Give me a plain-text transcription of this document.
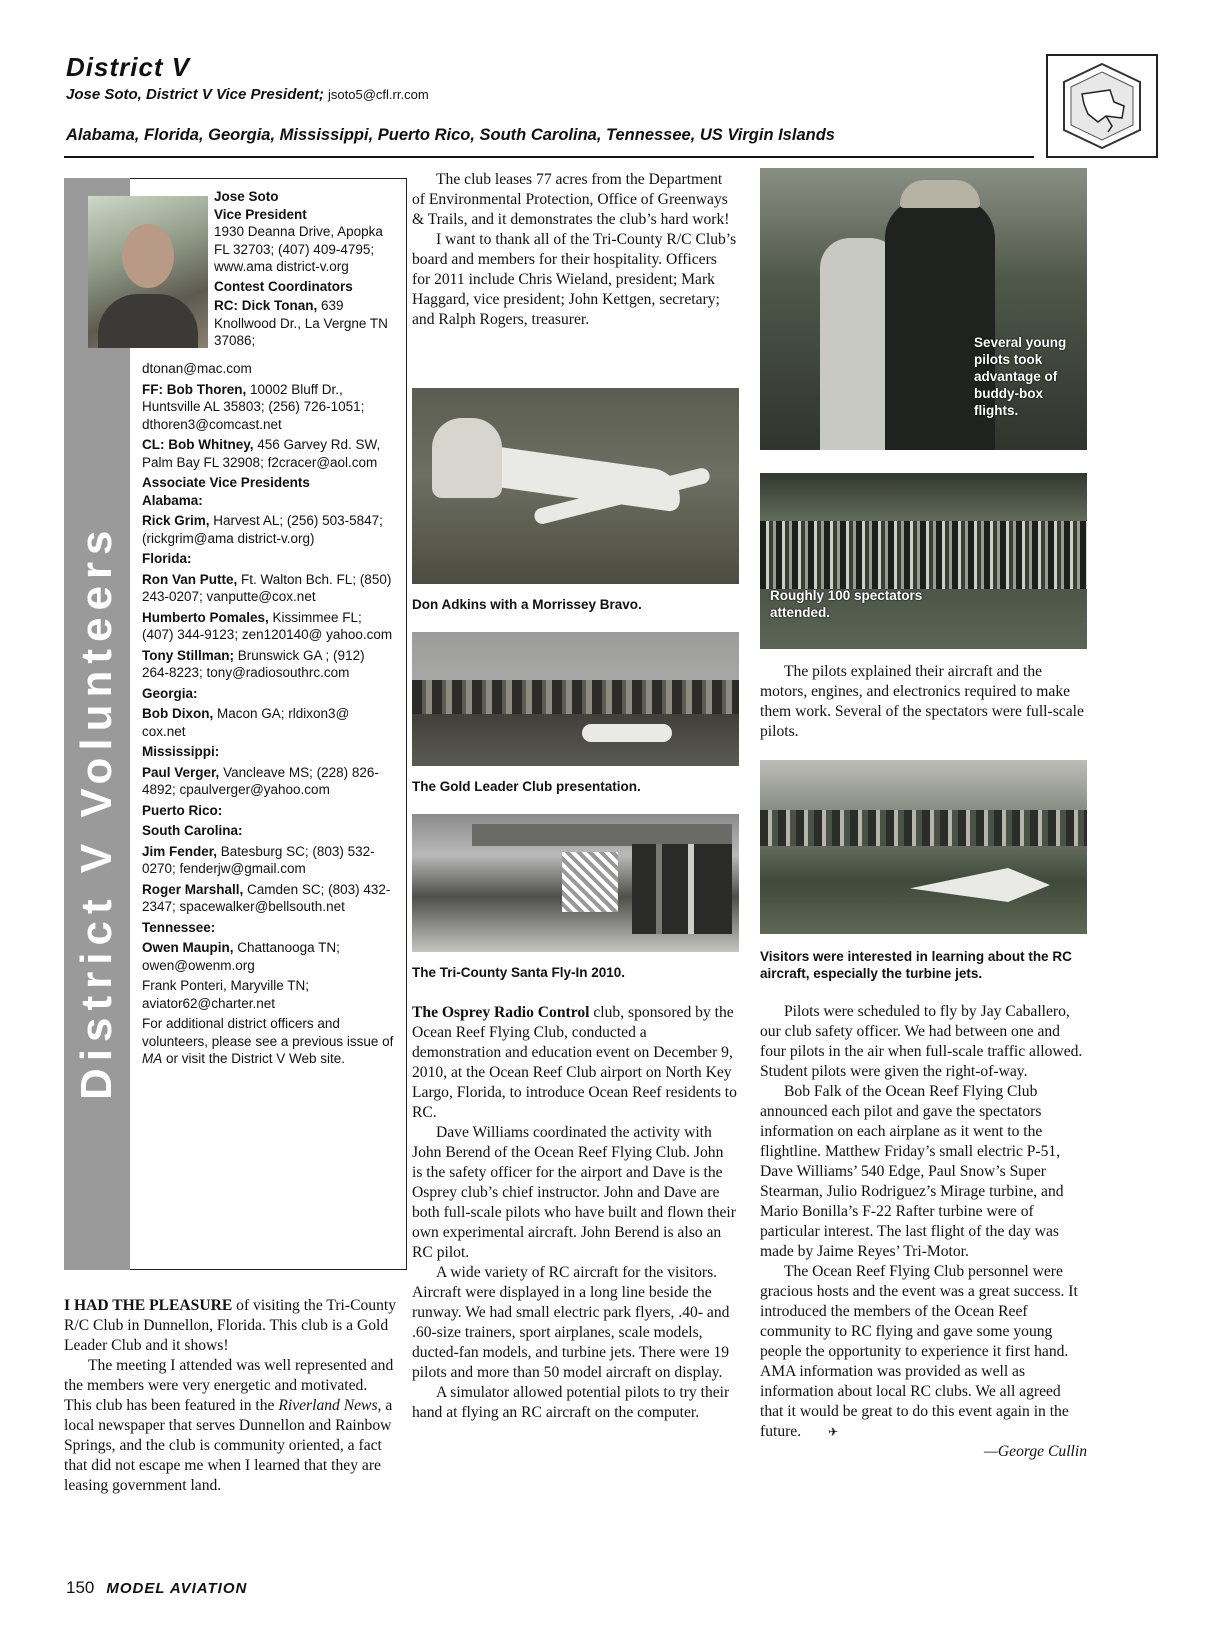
District V
Jose Soto, District V Vice President; jsoto5@cfl.rr.com
Alabama, Florida, Georgia, Mississippi, Puerto Rico, South Carolina, Tennessee, US Virgin Islands
District V Volunteers

Jose Soto

Vice President

1930 Deanna Drive, Apopka FL 32703; (407) 409-4795; www.ama district-v.org

Contest Coordinators

RC: Dick Tonan, 639 Knollwood Dr., La Vergne TN 37086;

dtonan@mac.com

FF: Bob Thoren, 10002 Bluff Dr., Huntsville AL 35803; (256) 726-1051; dthoren3@comcast.net

CL: Bob Whitney, 456 Garvey Rd. SW, Palm Bay FL 32908; f2cracer@aol.com

Associate Vice Presidents

Alabama:

Rick Grim, Harvest AL; (256) 503-5847; (rickgrim@ama district-v.org)

Florida:

Ron Van Putte, Ft. Walton Bch. FL; (850) 243-0207; vanputte@cox.net

Humberto Pomales, Kissimmee FL; (407) 344-9123; zen120140@ yahoo.com

Tony Stillman; Brunswick GA ; (912) 264-8223; tony@radiosouthrc.com

Georgia:

Bob Dixon, Macon GA; rldixon3@ cox.net

Mississippi:

Paul Verger, Vancleave MS; (228) 826-4892; cpaulverger@yahoo.com

Puerto Rico:

South Carolina:

Jim Fender, Batesburg SC; (803) 532-0270; fenderjw@gmail.com

Roger Marshall, Camden SC; (803) 432-2347; spacewalker@bellsouth.net

Tennessee:

Owen Maupin, Chattanooga TN; owen@owenm.org

Frank Ponteri, Maryville TN; aviator62@charter.net

For additional district officers and volunteers, please see a previous issue of MA or visit the District V Web site.

I HAD THE PLEASURE of visiting the Tri-County R/C Club in Dunnellon, Florida. This club is a Gold Leader Club and it shows!

The meeting I attended was well represented and the members were very energetic and motivated. This club has been featured in the Riverland News, a local newspaper that serves Dunnellon and Rainbow Springs, and the club is community oriented, a fact that did not escape me when I learned that they are leasing government land.

The club leases 77 acres from the Department of Environmental Protection, Office of Greenways & Trails, and it demonstrates the club’s hard work!

I want to thank all of the Tri-County R/C Club’s board and members for their hospitality. Officers for 2011 include Chris Wieland, president; Mark Haggard, vice president; John Kettgen, secretary; and Ralph Rogers, treasurer.

Don Adkins with a Morrissey Bravo.
The Gold Leader Club presentation.
The Tri-County Santa Fly-In 2010.

The Osprey Radio Control club, sponsored by the Ocean Reef Flying Club, conducted a demonstration and education event on December 9, 2010, at the Ocean Reef Club airport on North Key Largo, Florida, to introduce Ocean Reef residents to RC.

Dave Williams coordinated the activity with John Berend of the Ocean Reef Flying Club. John is the safety officer for the airport and Dave is the Osprey club’s chief instructor. John and Dave are both full-scale pilots who have built and flown their own experimental aircraft. John Berend is also an RC pilot.

A wide variety of RC aircraft for the visitors. Aircraft were displayed in a long line beside the runway. We had small electric park flyers, .40- and .60-size trainers, sport airplanes, scale models, ducted-fan models, and turbine jets. There were 19 pilots and more than 50 model aircraft on display.

A simulator allowed potential pilots to try their hand at flying an RC aircraft on the computer.

Several young pilots took advantage of buddy-box flights.
Roughly 100 spectators attended.

The pilots explained their aircraft and the motors, engines, and electronics required to make them work. Several of the spectators were full-scale pilots.

Visitors were interested in learning about the RC aircraft, especially the turbine jets.

Pilots were scheduled to fly by Jay Caballero, our club safety officer. We had between one and four pilots in the air when full-scale traffic allowed. Student pilots were given the right-of-way.

Bob Falk of the Ocean Reef Flying Club announced each pilot and gave the spectators information on each airplane as it went to the flightline. Matthew Friday’s small electric P-51, Dave Williams’ 540 Edge, Paul Snow’s Super Stearman, Julio Rodriguez’s Mirage turbine, and Mario Bonilla’s F-22 Rafter turbine were of particular interest. The last flight of the day was made by Jaime Reyes’ Tri-Motor.

The Ocean Reef Flying Club personnel were gracious hosts and the event was a great success. It introduced the members of the Ocean Reef community to RC flying and gave some young people the opportunity to experience it first hand. AMA information was provided as well as information about local RC clubs. We all agreed that it would be great to do this event again in the future. ✈

—George Cullin

150 MODEL AVIATION
